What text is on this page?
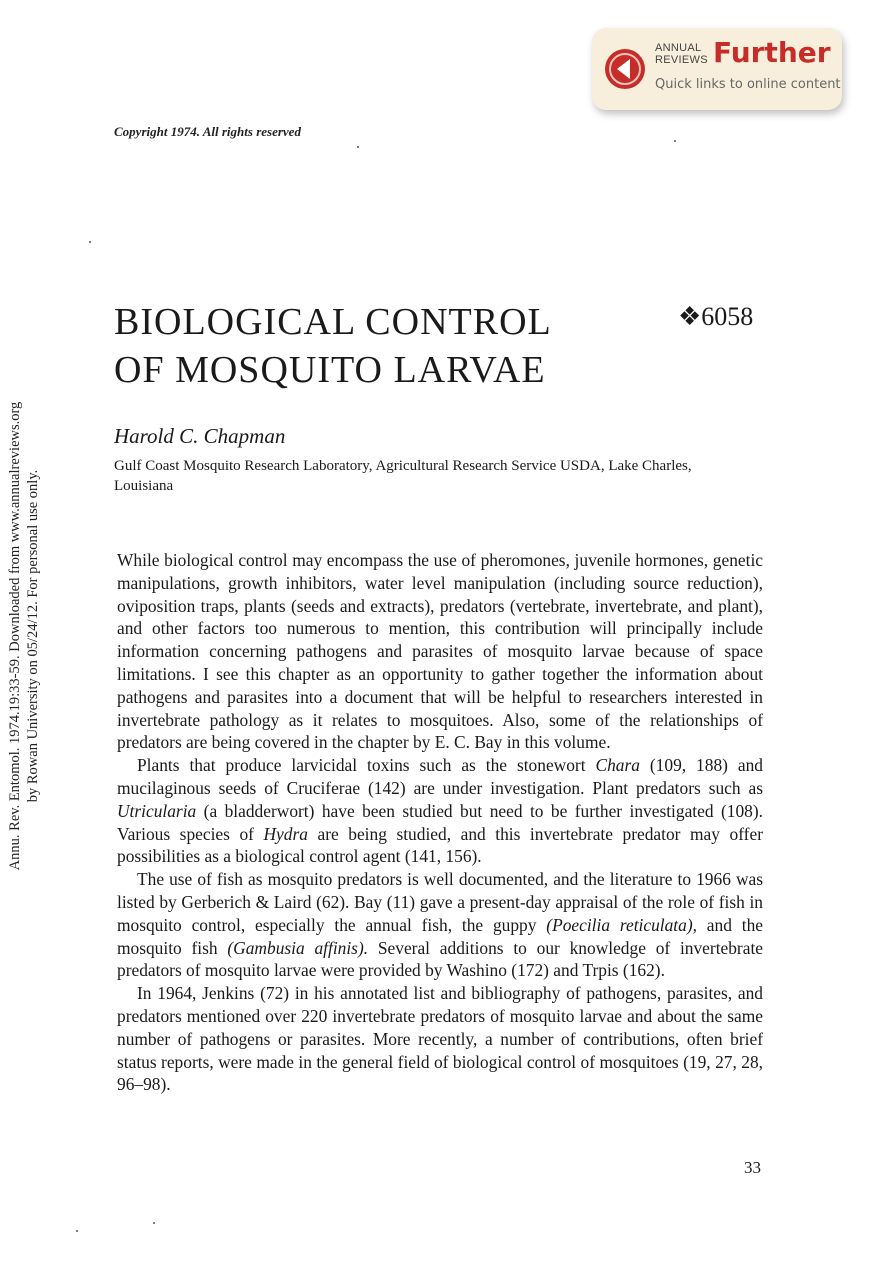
ANNUAL
REVIEWS Further
Quick links to online content
Copyright 1974. All rights reserved
Annu. Rev. Entomol. 1974.19:33-59. Downloaded from www.annualreviews.org by Rowan University on 05/24/12. For personal use only.
BIOLOGICAL CONTROL
OF MOSQUITO LARVAE
❖6058
Harold C. Chapman
Gulf Coast Mosquito Research Laboratory, Agricultural Research Service USDA, Lake Charles, Louisiana

While biological control may encompass the use of pheromones, juvenile hormones, genetic manipulations, growth inhibitors, water level manipulation (including source reduction), oviposition traps, plants (seeds and extracts), predators (vertebrate, invertebrate, and plant), and other factors too numerous to mention, this contribution will principally include information concerning pathogens and parasites of mosquito larvae because of space limitations. I see this chapter as an opportunity to gather together the information about pathogens and parasites into a document that will be helpful to researchers interested in invertebrate pathology as it relates to mosquitoes. Also, some of the relationships of predators are being covered in the chapter by E. C. Bay in this volume.

Plants that produce larvicidal toxins such as the stonewort Chara (109, 188) and mucilaginous seeds of Cruciferae (142) are under investigation. Plant predators such as Utricularia (a bladderwort) have been studied but need to be further investigated (108). Various species of Hydra are being studied, and this invertebrate predator may offer possibilities as a biological control agent (141, 156).

The use of fish as mosquito predators is well documented, and the literature to 1966 was listed by Gerberich & Laird (62). Bay (11) gave a present-day appraisal of the role of fish in mosquito control, especially the annual fish, the guppy (Poecilia reticulata), and the mosquito fish (Gambusia affinis). Several additions to our knowledge of invertebrate predators of mosquito larvae were provided by Washino (172) and Trpis (162).

In 1964, Jenkins (72) in his annotated list and bibliography of pathogens, parasites, and predators mentioned over 220 invertebrate predators of mosquito larvae and about the same number of pathogens or parasites. More recently, a number of contributions, often brief status reports, were made in the general field of biological control of mosquitoes (19, 27, 28, 96–98).

33
